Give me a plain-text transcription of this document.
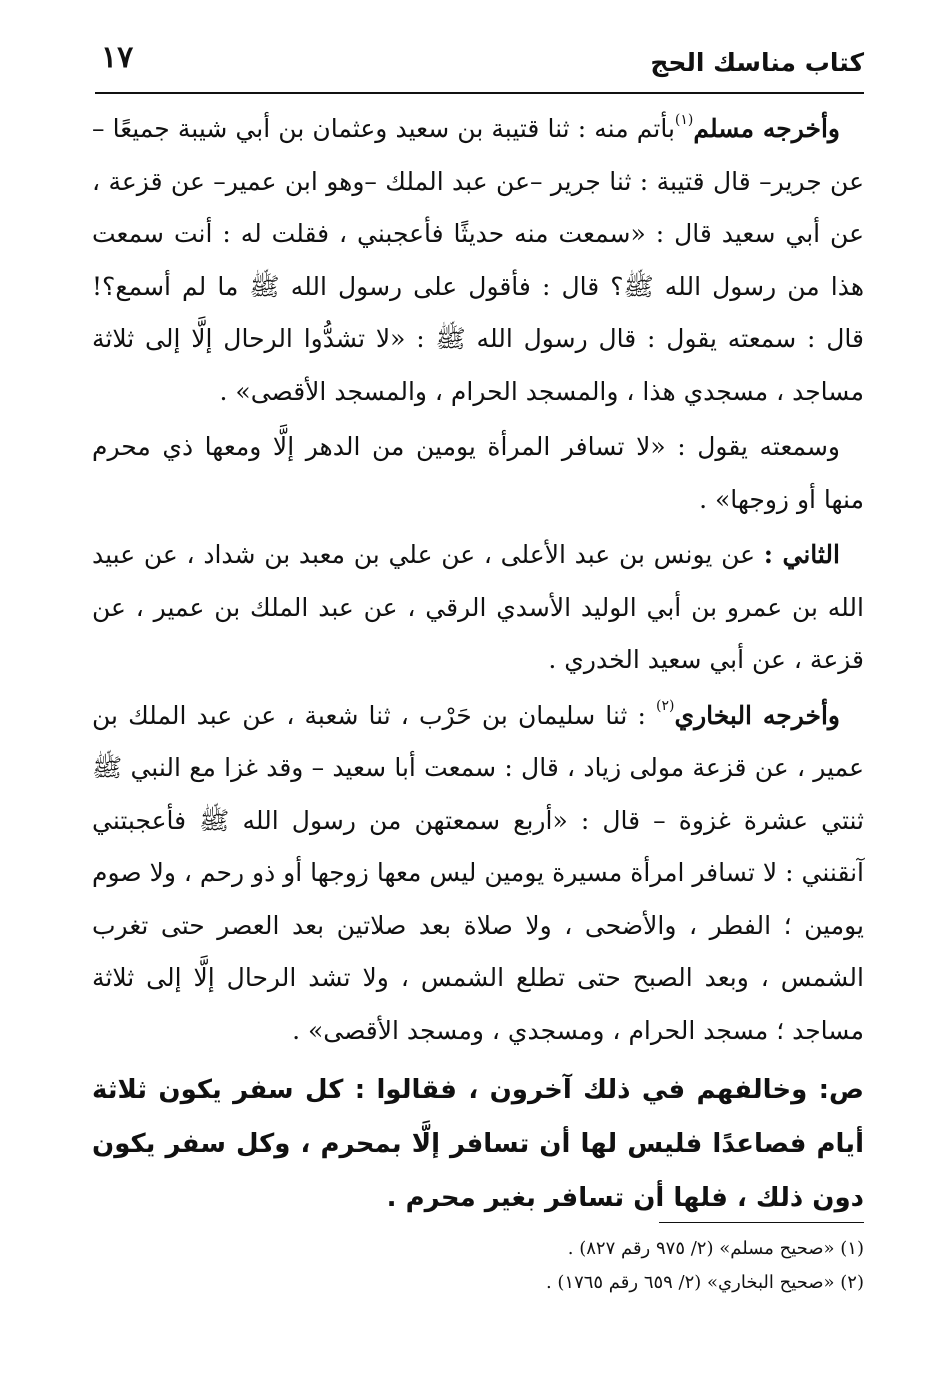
كتاب مناسك الحج
١٧

وأخرجه مسلم$^{(١)}$بأتم منه : ثنا قتيبة بن سعيد وعثمان بن أبي شيبة جميعًا –عن جرير– قال قتيبة : ثنا جرير –عن عبد الملك –وهو ابن عمير– عن قزعة ، عن أبي سعيد قال : «سمعت منه حديثًا فأعجبني ، فقلت له : أنت سمعت هذا من رسول الله ﷺ؟ قال : فأقول على رسول الله ﷺ ما لم أسمع؟! قال : سمعته يقول : قال رسول الله ﷺ : «لا تشدُّوا الرحال إلَّا إلى ثلاثة مساجد ، مسجدي هذا ، والمسجد الحرام ، والمسجد الأقصى» .

وسمعته يقول : «لا تسافر المرأة يومين من الدهر إلَّا ومعها ذي محرم منها أو زوجها» .

الثاني : عن يونس بن عبد الأعلى ، عن علي بن معبد بن شداد ، عن عبيد الله بن عمرو بن أبي الوليد الأسدي الرقي ، عن عبد الملك بن عمير ، عن قزعة ، عن أبي سعيد الخدري .

وأخرجه البخاري$^{(٢)}$ : ثنا سليمان بن حَرْب ، ثنا شعبة ، عن عبد الملك بن عمير ، عن قزعة مولى زياد ، قال : سمعت أبا سعيد – وقد غزا مع النبي ﷺ ثنتي عشرة غزوة – قال : «أربع سمعتهن من رسول الله ﷺ فأعجبتني آنقنني : لا تسافر امرأة مسيرة يومين ليس معها زوجها أو ذو رحم ، ولا صوم يومين ؛ الفطر ، والأضحى ، ولا صلاة بعد صلاتين بعد العصر حتى تغرب الشمس ، وبعد الصبح حتى تطلع الشمس ، ولا تشد الرحال إلَّا إلى ثلاثة مساجد ؛ مسجد الحرام ، ومسجدي ، ومسجد الأقصى» .

ص: وخالفهم في ذلك آخرون ، فقالوا : كل سفر يكون ثلاثة أيام فصاعدًا فليس لها أن تسافر إلَّا بمحرم ، وكل سفر يكون دون ذلك ، فلها أن تسافر بغير محرم .

(١) «صحيح مسلم» (٢/ ٩٧٥ رقم ٨٢٧) .

(٢) «صحيح البخاري» (٢/ ٦٥٩ رقم ١٧٦٥) .
